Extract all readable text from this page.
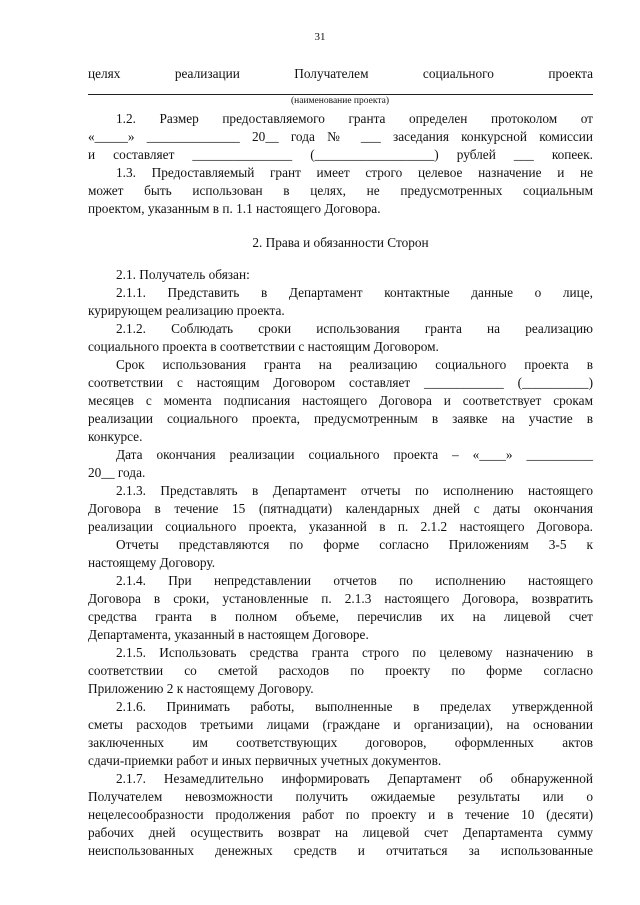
31
целях реализации Получателем социального проекта
(наименование проекта)
1.2. Размер предоставляемого гранта определен протоколом от
«_____» ______________ 20__ года № ___ заседания конкурсной комиссии
и составляет _______________ (__________________) рублей ___ копеек.
1.3. Предоставляемый грант имеет строго целевое назначение и не
может быть использован в целях, не предусмотренных социальным
проектом, указанным в п. 1.1 настоящего Договора.
2. Права и обязанности Сторон
2.1. Получатель обязан:
2.1.1. Представить в Департамент контактные данные о лице,
курирующем реализацию проекта.
2.1.2. Соблюдать сроки использования гранта на реализацию
социального проекта в соответствии с настоящим Договором.
Срок использования гранта на реализацию социального проекта в
соответствии с настоящим Договором составляет ____________ (__________)
месяцев с момента подписания настоящего Договора и соответствует срокам
реализации социального проекта, предусмотренным в заявке на участие в
конкурсе.
Дата окончания реализации социального проекта – «____» __________
20__ года.
2.1.3. Представлять в Департамент отчеты по исполнению настоящего
Договора в течение 15 (пятнадцати) календарных дней с даты окончания
реализации социального проекта, указанной в п. 2.1.2 настоящего Договора.
Отчеты представляются по форме согласно Приложениям 3-5 к
настоящему Договору.
2.1.4. При непредставлении отчетов по исполнению настоящего
Договора в сроки, установленные п. 2.1.3 настоящего Договора, возвратить
средства гранта в полном объеме, перечислив их на лицевой счет
Департамента, указанный в настоящем Договоре.
2.1.5. Использовать средства гранта строго по целевому назначению в
соответствии со сметой расходов по проекту по форме согласно
Приложению 2 к настоящему Договору.
2.1.6. Принимать работы, выполненные в пределах утвержденной
сметы расходов третьими лицами (граждане и организации), на основании
заключенных им соответствующих договоров, оформленных актов
сдачи-приемки работ и иных первичных учетных документов.
2.1.7. Незамедлительно информировать Департамент об обнаруженной
Получателем невозможности получить ожидаемые результаты или о
нецелесообразности продолжения работ по проекту и в течение 10 (десяти)
рабочих дней осуществить возврат на лицевой счет Департамента сумму
неиспользованных денежных средств и отчитаться за использованные
